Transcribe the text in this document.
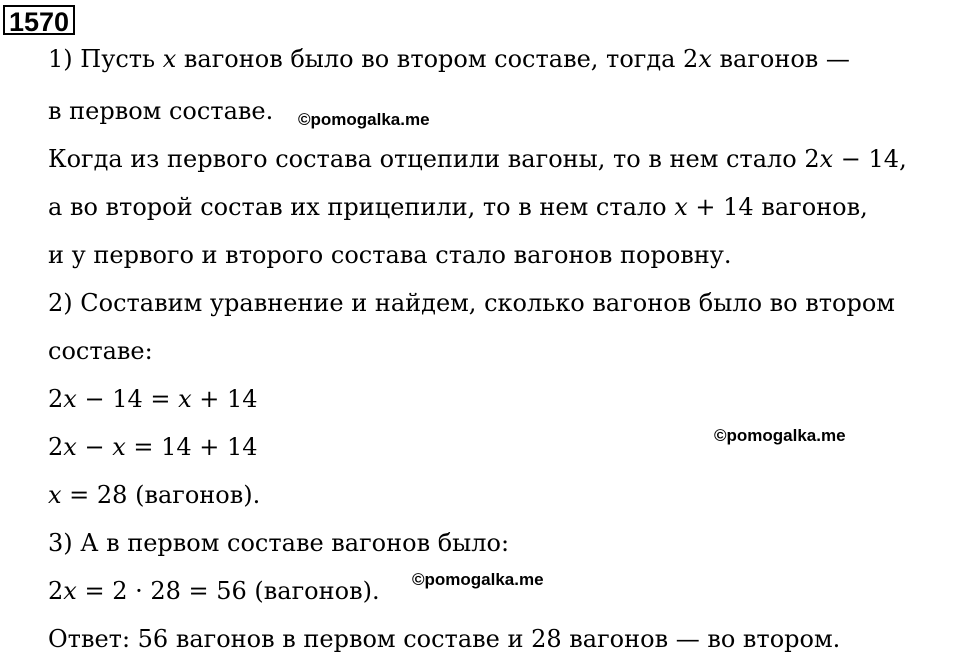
1570
1) Пусть x вагонов было во втором составе, тогда 2x вагонов —
в первом составе. ©pomogalka.me
Когда из первого состава отцепили вагоны, то в нем стало 2x − 14,
а во второй состав их прицепили, то в нем стало x + 14 вагонов,
и у первого и второго состава стало вагонов поровну.
2) Составим уравнение и найдем, сколько вагонов было во втором
составе:
2x − 14 = x + 14
2x − x = 14 + 14	©pomogalka.me
x = 28 (вагонов).
3) А в первом составе вагонов было:
2x = 2 · 28 = 56 (вагонов). ©pomogalka.me
Ответ: 56 вагонов в первом составе и 28 вагонов — во втором.
